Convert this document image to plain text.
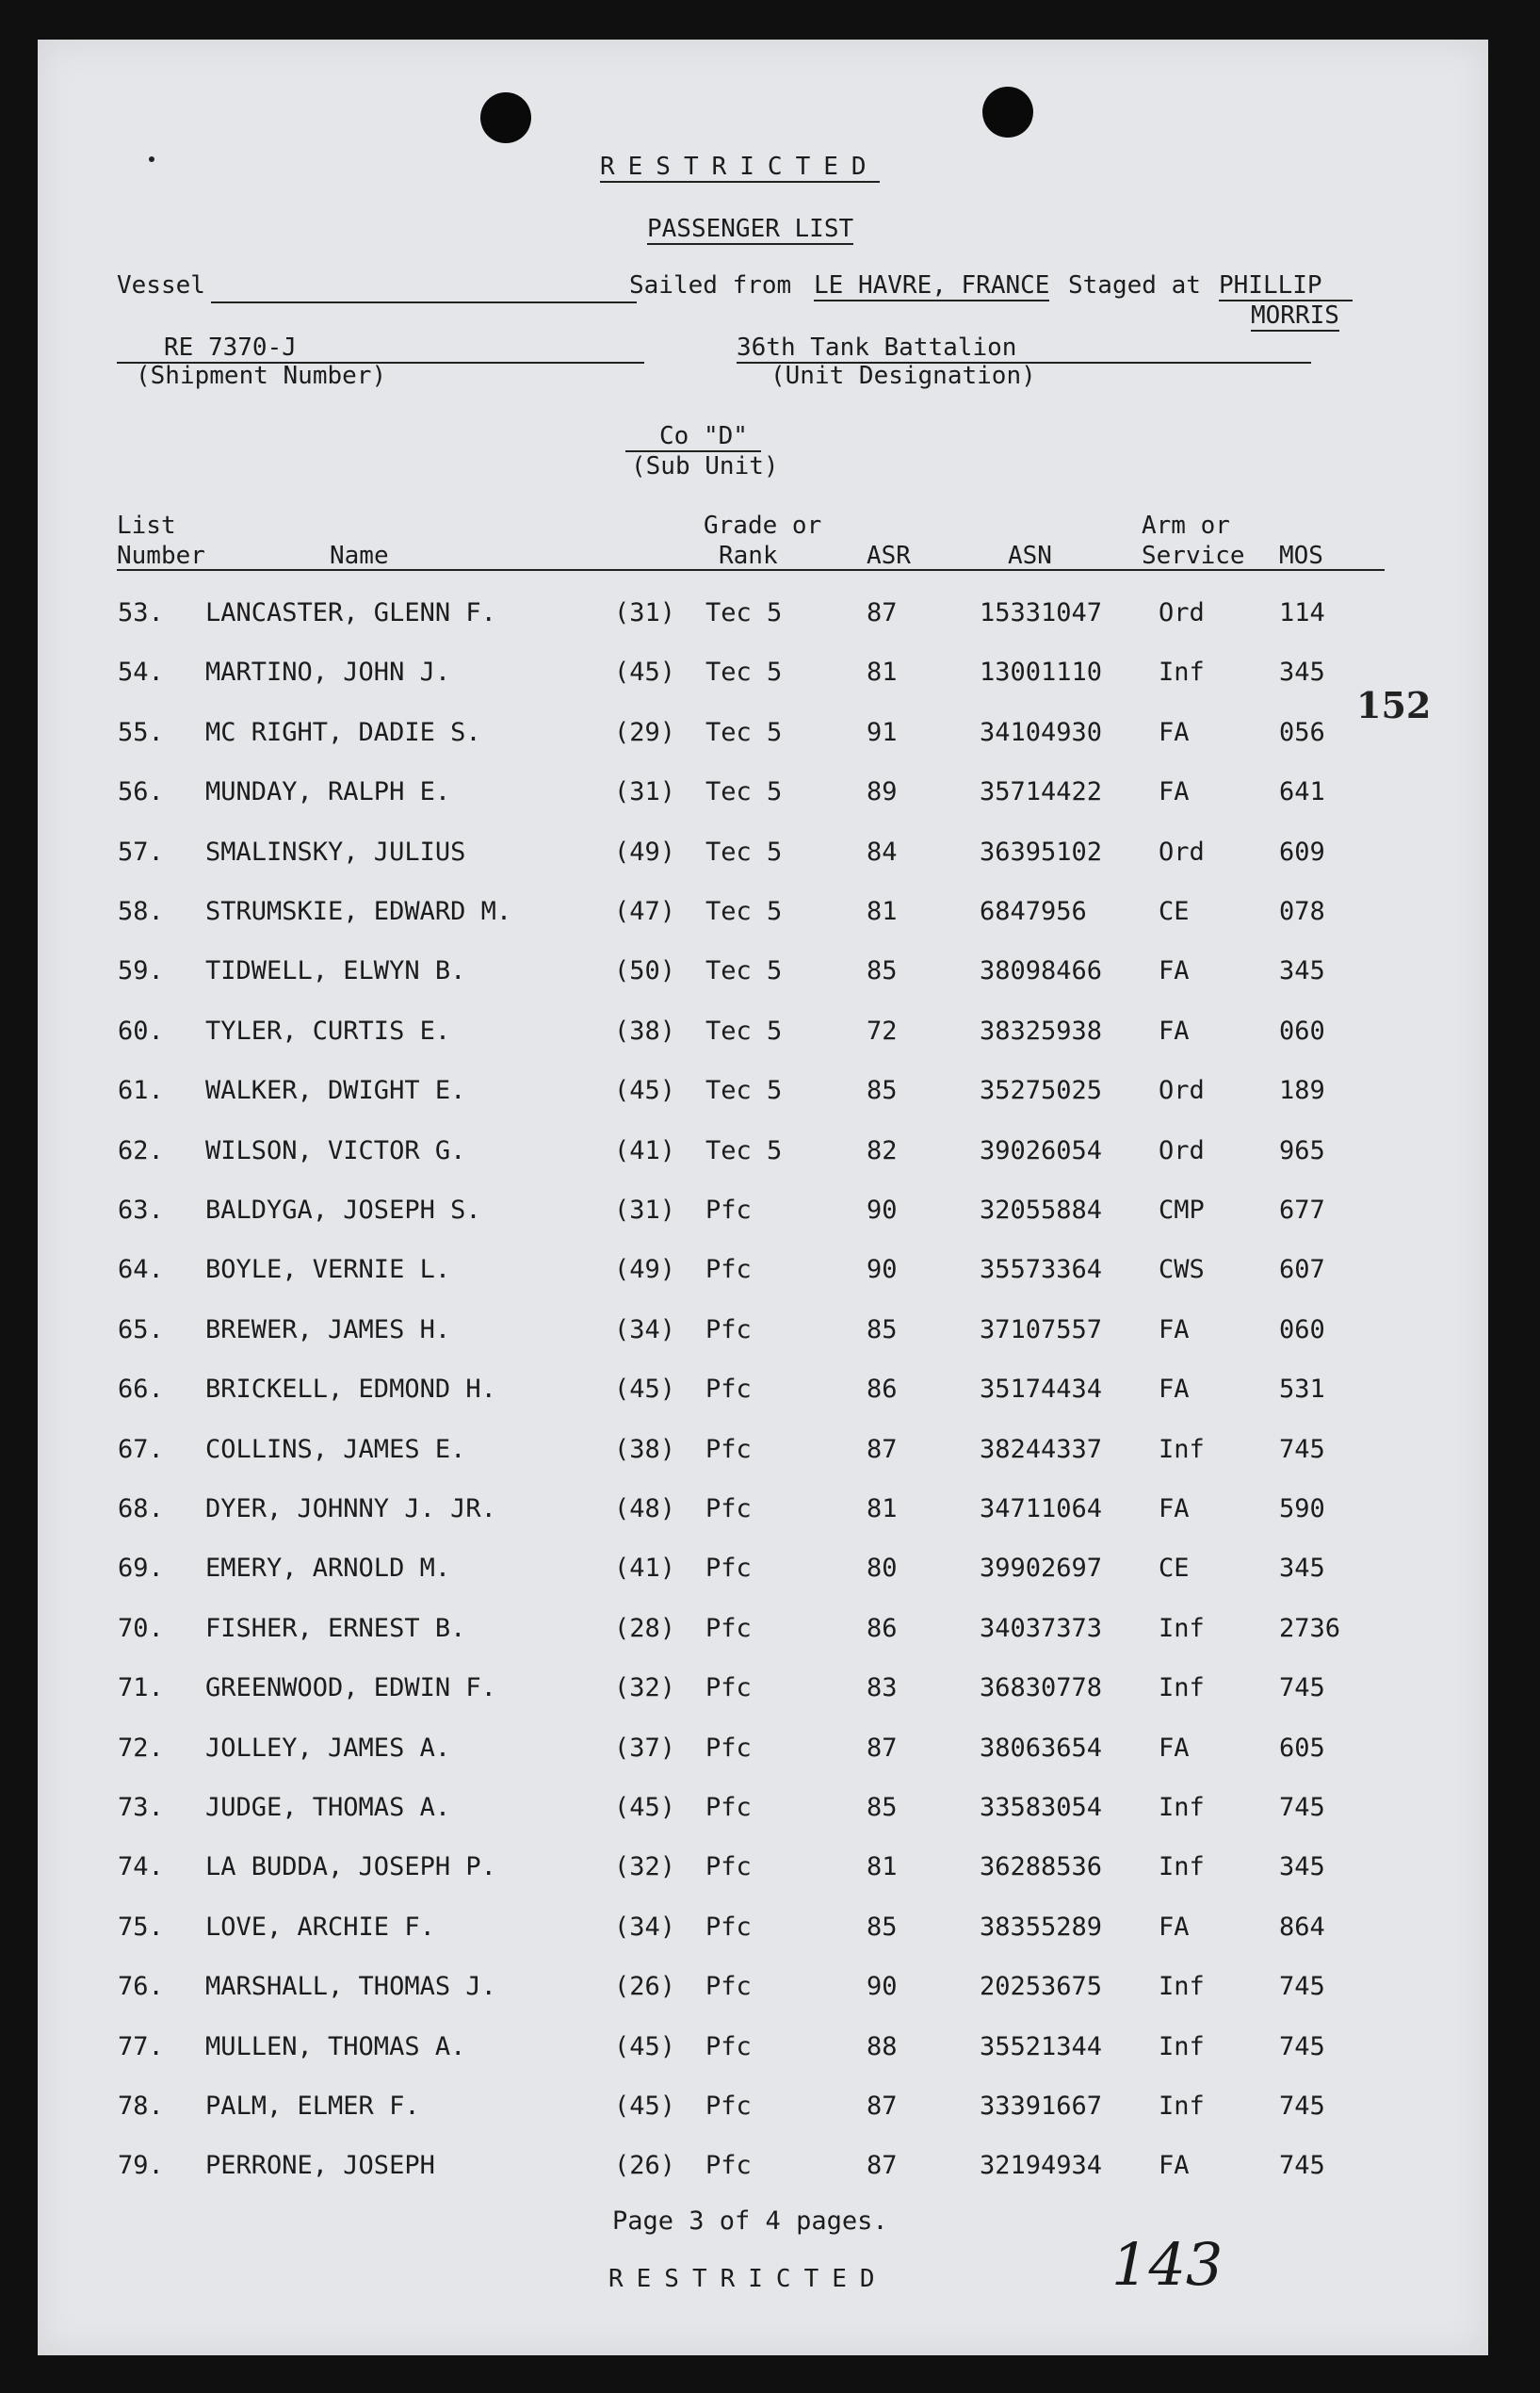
RESTRICTED
PASSENGER LIST
Vessel	Sailed from LE HAVRE, FRANCE Staged at PHILLIP
MORRIS
RE 7370-J
(Shipment Number)
36th Tank Battalion
(Unit Designation)
Co "D"
(Sub Unit)
List
Number	Name
Grade or
Rank	ASR	ASN
Arm or
Service MOS
53. LANCASTER, GLENN F.	(31) Tec 5	87	15331047 Ord	114
54. MARTINO, JOHN J.	(45) Tec 5	81	13001110 Inf	345
55. MC RIGHT, DADIE S.	(29) Tec 5	91	34104930 FA	056
56. MUNDAY, RALPH E.	(31) Tec 5	89	35714422 FA	641
57. SMALINSKY, JULIUS	(49) Tec 5	84	36395102 Ord	609
58. STRUMSKIE, EDWARD M.	(47) Tec 5	81	6847956	CE	078
59. TIDWELL, ELWYN B.	(50) Tec 5	85	38098466 FA	345
60. TYLER, CURTIS E.	(38) Tec 5	72	38325938 FA	060
61. WALKER, DWIGHT E.	(45) Tec 5	85	35275025 Ord	189
62. WILSON, VICTOR G.	(41) Tec 5	82	39026054 Ord	965
63. BALDYGA, JOSEPH S.	(31) Pfc	90	32055884 CMP	677
64. BOYLE, VERNIE L.	(49) Pfc	90	35573364 CWS	607
65. BREWER, JAMES H.	(34) Pfc	85	37107557 FA	060
66. BRICKELL, EDMOND H.	(45) Pfc	86	35174434 FA	531
67. COLLINS, JAMES E.	(38) Pfc	87	38244337 Inf	745
68. DYER, JOHNNY J. JR.	(48) Pfc	81	34711064 FA	590
69. EMERY, ARNOLD M.	(41) Pfc	80	39902697 CE	345
70. FISHER, ERNEST B.	(28) Pfc	86	34037373 Inf	2736
71. GREENWOOD, EDWIN F.	(32) Pfc	83	36830778 Inf	745
72. JOLLEY, JAMES A.	(37) Pfc	87	38063654 FA	605
73. JUDGE, THOMAS A.	(45) Pfc	85	33583054 Inf	745
74. LA BUDDA, JOSEPH P.	(32) Pfc	81	36288536 Inf	345
75. LOVE, ARCHIE F.	(34) Pfc	85	38355289 FA	864
76. MARSHALL, THOMAS J.	(26) Pfc	90	20253675 Inf	745
77. MULLEN, THOMAS A.	(45) Pfc	88	35521344 Inf	745
78. PALM, ELMER F.	(45) Pfc	87	33391667 Inf	745
79. PERRONE, JOSEPH	(26) Pfc	87	32194934 FA	745
152
Page 3 of 4 pages.
RESTRICTED	143
